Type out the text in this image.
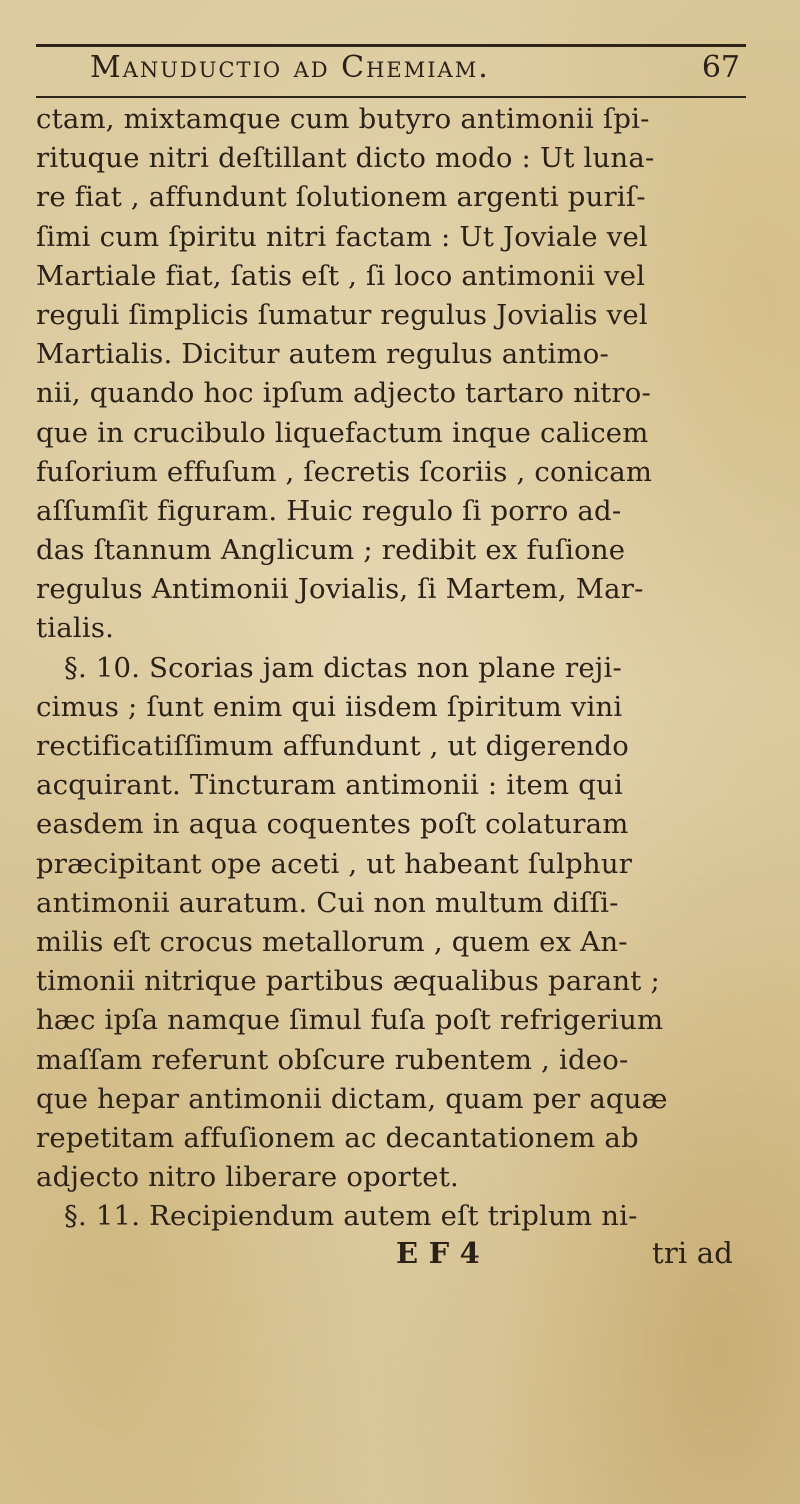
Manuductio ad Chemiam.	67
ctam, mixtamque cum butyro antimonii ſpi-
rituque nitri deſtillant dicto modo : Ut luna-
re fiat , affundunt ſolutionem argenti puriſ-
ſimi cum ſpiritu nitri factam : Ut Joviale vel
Martiale fiat, ſatis eſt , ſi loco antimonii vel
reguli ſimplicis ſumatur regulus Jovialis vel
Martialis. Dicitur autem regulus antimo-
nii, quando hoc ipſum adjecto tartaro nitro-
que in crucibulo liquefactum inque calicem
fuſorium effuſum , ſecretis ſcoriis , conicam
aſſumſit figuram. Huic regulo ſi porro ad-
das ſtannum Anglicum ; redibit ex fuſione
regulus Antimonii Jovialis, ſi Martem, Mar-
tialis.
§. 10. Scorias jam dictas non plane reji-
cimus ; ſunt enim qui iisdem ſpiritum vini
rectificatiſſimum affundunt , ut digerendo
acquirant. Tincturam antimonii : item qui
easdem in aqua coquentes poſt colaturam
præcipitant ope aceti , ut habeant ſulphur
antimonii auratum. Cui non multum diſſi-
milis eſt crocus metallorum , quem ex An-
timonii nitrique partibus æqualibus parant ;
hæc ipſa namque ſimul fuſa poſt refrigerium
maſſam referunt obſcure rubentem , ideo-
que hepar antimonii dictam, quam per aquæ
repetitam affuſionem ac decantationem ab
adjecto nitro liberare oportet.
§. 11. Recipiendum autem eſt triplum ni-
E F 4	tri ad
